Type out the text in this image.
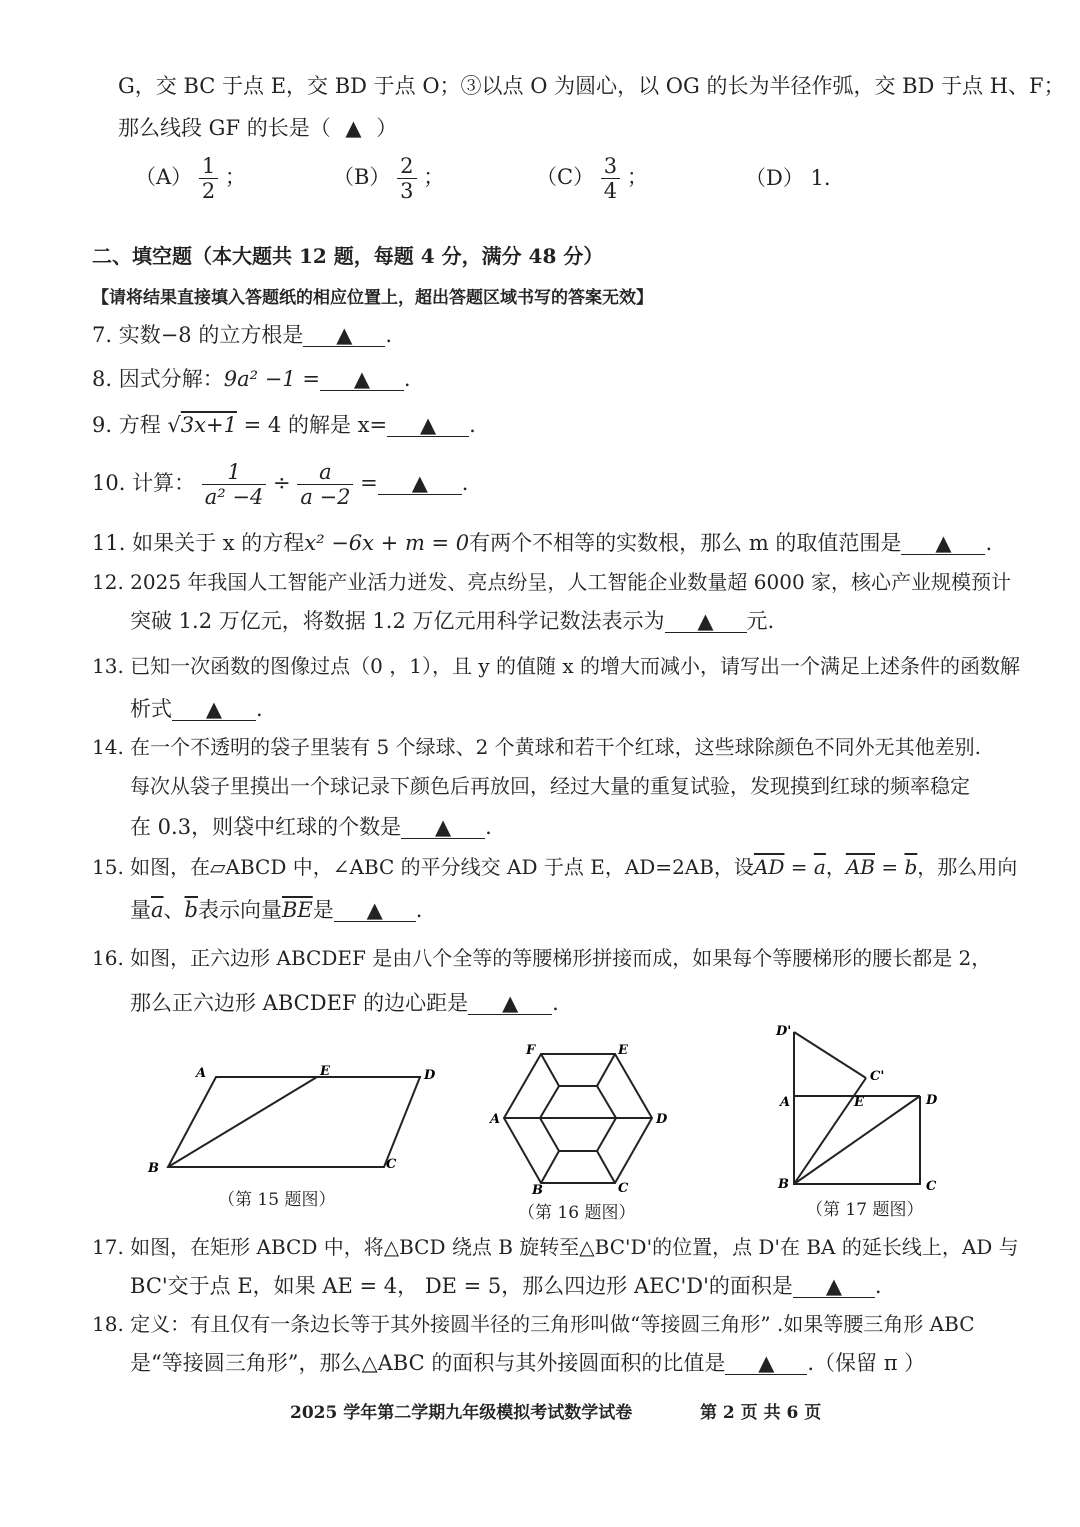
G，交 BC 于点 E，交 BD 于点 O；③以点 O 为圆心，以 OG 的长为半径作弧，交 BD 于点 H、F；
那么线段 GF 的长是（ ▲ ）
$(A) \frac{1}{2}$ ；	$(B) \frac{2}{3}$ ；	$(C) \frac{3}{4}$ ；	（D） 1.
二、填空题（本大题共 12 题，每题 4 分，满分 48 分）
【请将结果直接填入答题纸的相应位置上，超出答题区域书写的答案无效】
7. 实数−8 的立方根是 ▲ .
8. 因式分解：9a² −1 = ▲ .
9. 方程 √3x+1 = 4 的解是 x= ▲ .
10. 计算： $\frac{1}{\text{a² −4}} \div \frac{a}{a -2}$ = ▲ .
11. 如果关于 x 的方程x² −6x + m = 0有两个不相等的实数根，那么 m 的取值范围是 ▲ .
12. 2025 年我国人工智能产业活力迸发、亮点纷呈，人工智能企业数量超 6000 家，核心产业规模预计
突破 1.2 万亿元，将数据 1.2 万亿元用科学记数法表示为 ▲ 元.
13. 已知一次函数的图像过点（0 ，1），且 y 的值随 x 的增大而减小，请写出一个满足上述条件的函数解
析式 ▲ .
14. 在一个不透明的袋子里装有 5 个绿球、2 个黄球和若干个红球，这些球除颜色不同外无其他差别.
每次从袋子里摸出一个球记录下颜色后再放回，经过大量的重复试验，发现摸到红球的频率稳定
在 0.3，则袋中红球的个数是 ▲ .
15. 如图，在▱ABCD 中，∠ABC 的平分线交 AD 于点 E，AD=2AB，设$\overline{AD} = \overline{a}$，$\overline{AB} = \overline{b}$，那么用向
量$\overline{a}$、$\overline{b}$表示向量$\overline{BE}$是 ▲ .
16. 如图，正六边形 ABCDEF 是由八个全等的等腰梯形拼接而成，如果每个等腰梯形的腰长都是 2，
那么正六边形 ABCDEF 的边心距是 ▲ .
A	E	D
B	C
（第 15 题图）
F	E
A	D
B	C
（第 16 题图）
D'
C'
A	E	D
B	C
（第 17 题图）
17. 如图，在矩形 ABCD 中，将△BCD 绕点 B 旋转至△BC'D'的位置，点 D'在 BA 的延长线上，AD 与
BC'交于点 E，如果 AE = 4， DE = 5，那么四边形 AEC'D'的面积是 ▲ .
18. 定义：有且仅有一条边长等于其外接圆半径的三角形叫做“等接圆三角形” .如果等腰三角形 ABC
是“等接圆三角形”，那么△ABC 的面积与其外接圆面积的比值是 ▲ .（保留 π ）
2025 学年第二学期九年级模拟考试数学试卷	第 2 页 共 6 页
